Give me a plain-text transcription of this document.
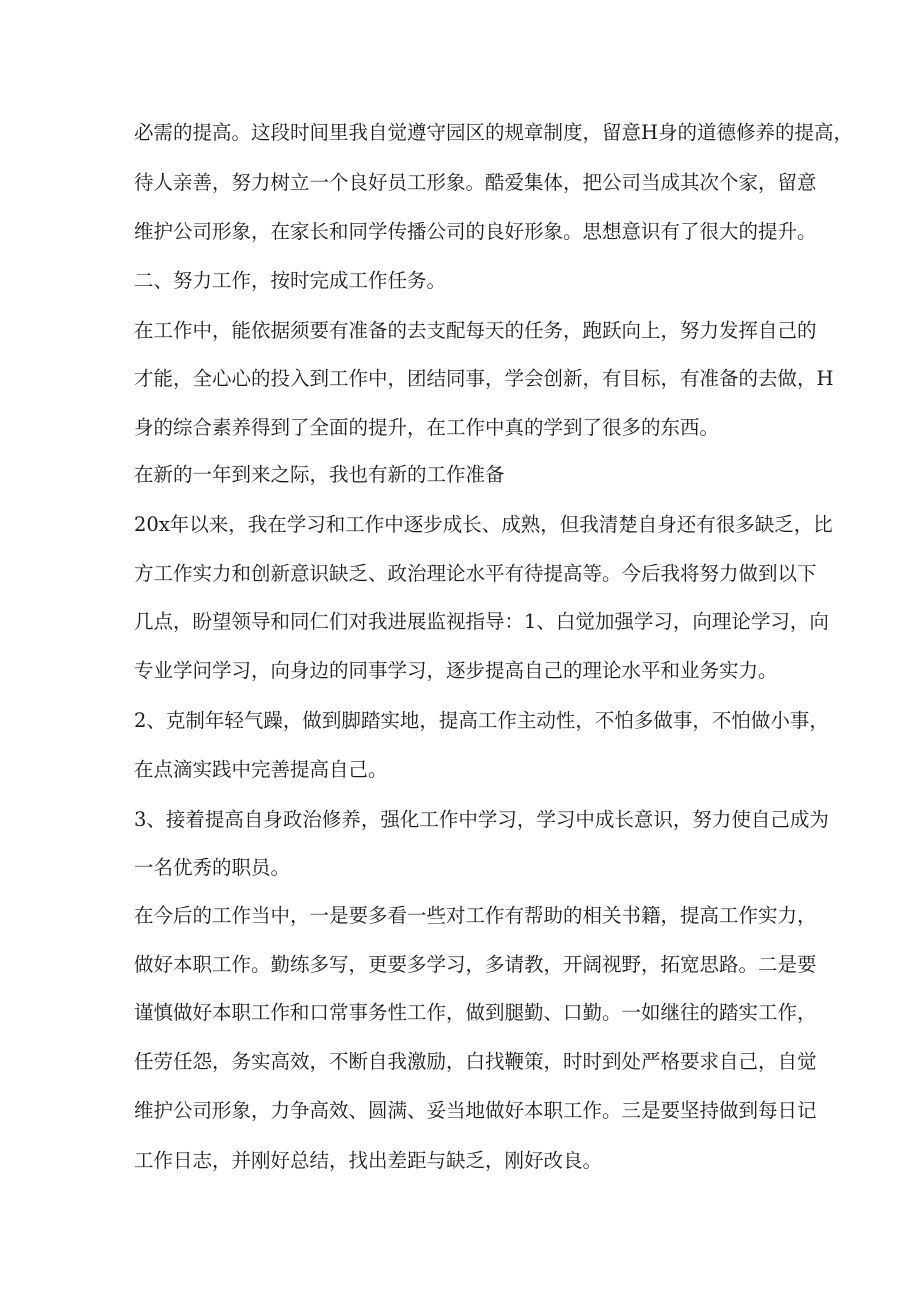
必需的提高。这段时间里我自觉遵守园区的规章制度，留意H身的道德修养的提高，

待人亲善，努力树立一个良好员工形象。酷爱集体，把公司当成其次个家，留意

维护公司形象，在家长和同学传播公司的良好形象。思想意识有了很大的提升。

二、努力工作，按时完成工作任务。

在工作中，能依据须要有准备的去支配每天的任务，跑跃向上，努力发挥自己的

才能，全心心的投入到工作中，团结同事，学会创新，有目标，有准备的去做，H

身的综合素养得到了全面的提升，在工作中真的学到了很多的东西。

在新的一年到来之际，我也有新的工作准备

20x年以来，我在学习和工作中逐步成长、成熟，但我清楚自身还有很多缺乏，比

方工作实力和创新意识缺乏、政治理论水平有待提高等。今后我将努力做到以下

几点，盼望领导和同仁们对我进展监视指导：1、白觉加强学习，向理论学习，向

专业学问学习，向身边的同事学习，逐步提高自己的理论水平和业务实力。

2、克制年轻气躁，做到脚踏实地，提高工作主动性，不怕多做事，不怕做小事，

在点滴实践中完善提高自己。

3、接着提高自身政治修养，强化工作中学习，学习中成长意识，努力使自己成为

一名优秀的职员。

在今后的工作当中，一是要多看一些对工作有帮助的相关书籍，提高工作实力，

做好本职工作。勤练多写，更要多学习，多请教，开阔视野，拓宽思路。二是要

谨慎做好本职工作和口常事务性工作，做到腿勤、口勤。一如继往的踏实工作，

任劳任怨，务实高效，不断自我激励，白找鞭策，时时到处严格要求自己，自觉

维护公司形象，力争高效、圆满、妥当地做好本职工作。三是要坚持做到每日记

工作日志，并刚好总结，找出差距与缺乏，刚好改良。
